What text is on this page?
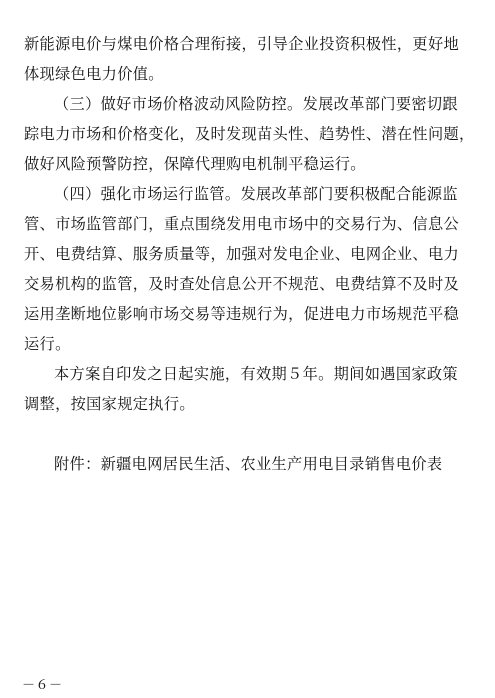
新能源电价与煤电价格合理衔接，引导企业投资积极性，更好地
体现绿色电力价值。
（三）做好市场价格波动风险防控。发展改革部门要密切跟
踪电力市场和价格变化，及时发现苗头性、趋势性、潜在性问题，
做好风险预警防控，保障代理购电机制平稳运行。
（四）强化市场运行监管。发展改革部门要积极配合能源监
管、市场监管部门，重点围绕发用电市场中的交易行为、信息公
开、电费结算、服务质量等，加强对发电企业、电网企业、电力
交易机构的监管，及时查处信息公开不规范、电费结算不及时及
运用垄断地位影响市场交易等违规行为，促进电力市场规范平稳
运行。
本方案自印发之日起实施，有效期５年。期间如遇国家政策
调整，按国家规定执行。
附件：新疆电网居民生活、农业生产用电目录销售电价表
－６－
